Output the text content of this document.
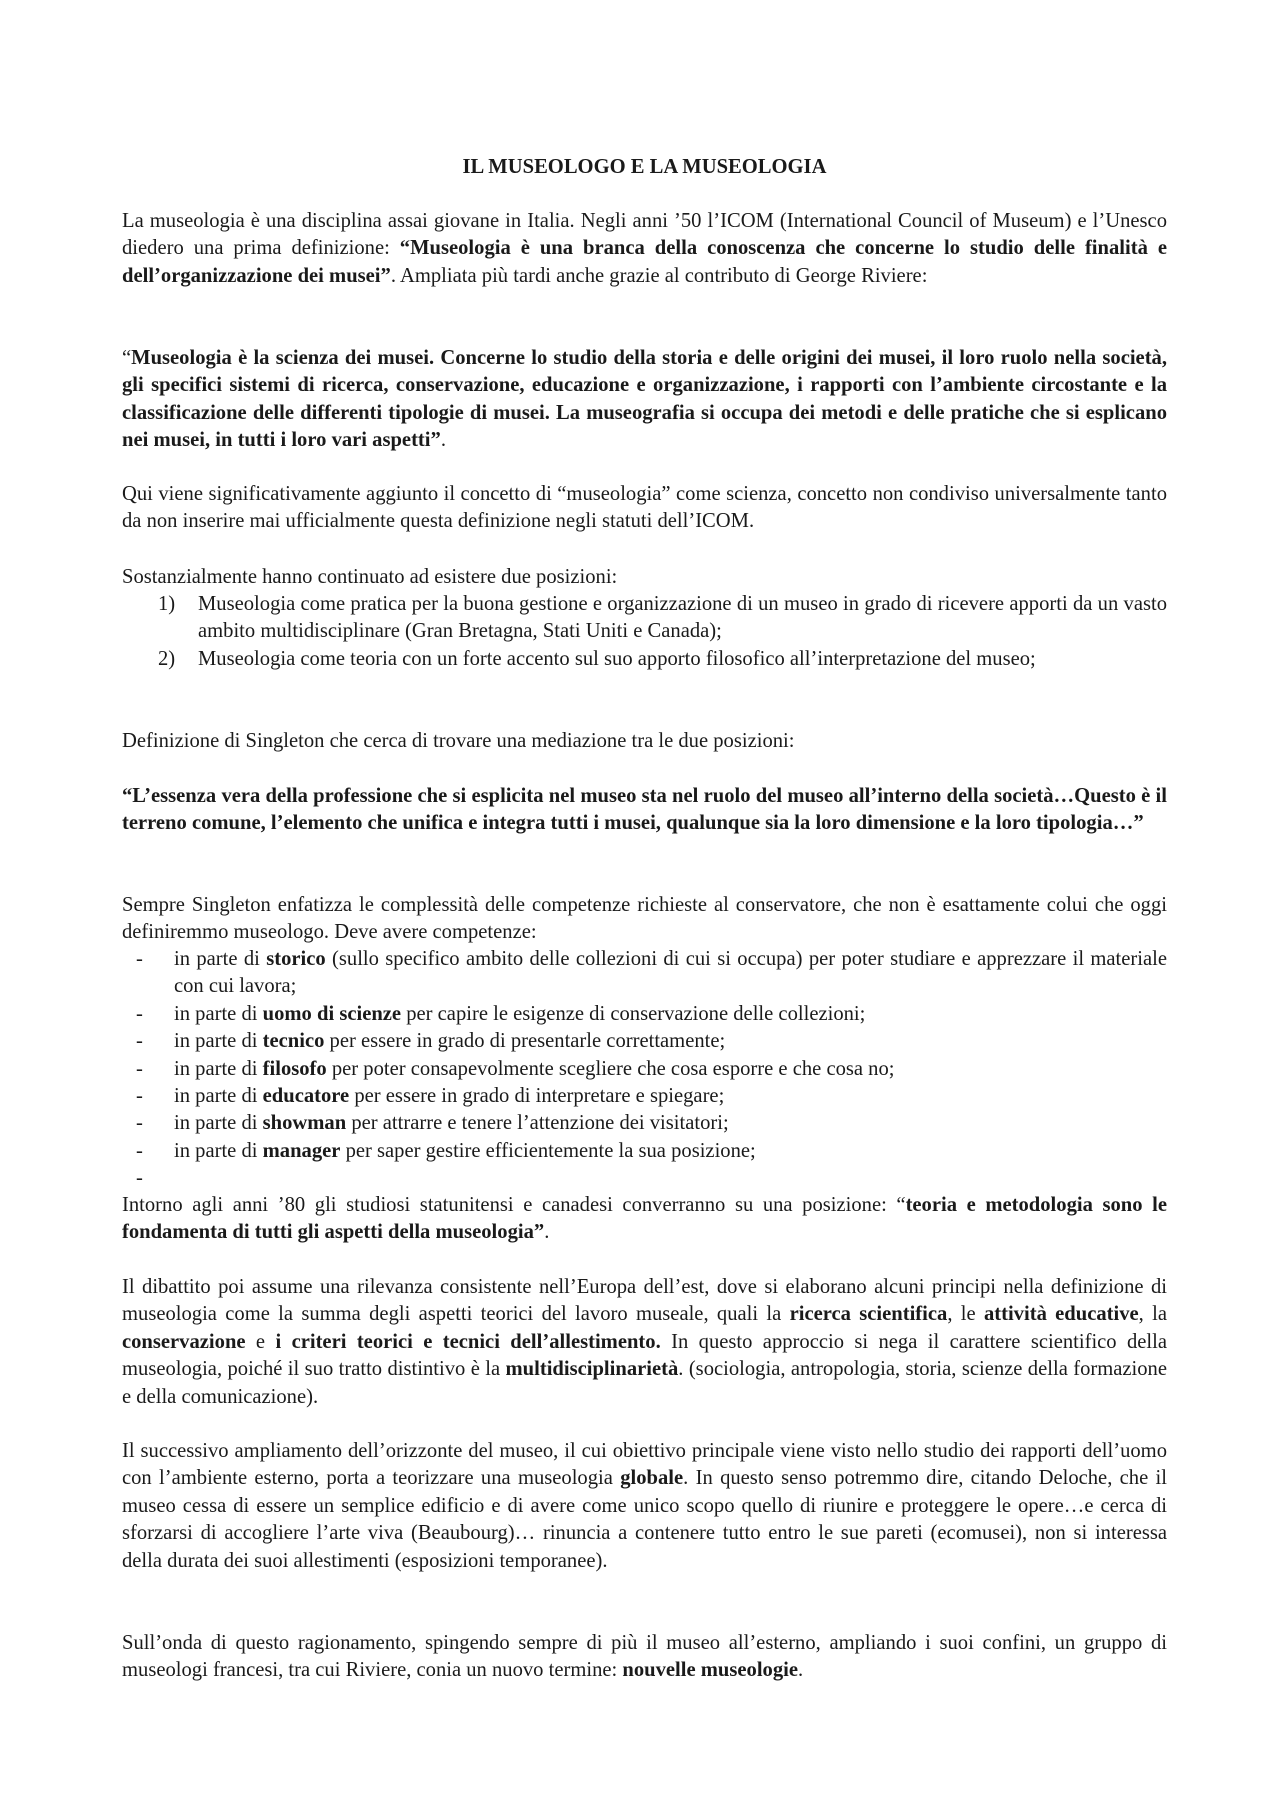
IL MUSEOLOGO E LA MUSEOLOGIA

La museologia è una disciplina assai giovane in Italia. Negli anni ’50 l’ICOM (International Council of Museum) e l’Unesco diedero una prima definizione: “Museologia è una branca della conoscenza che concerne lo studio delle finalità e dell’organizzazione dei musei”. Ampliata più tardi anche grazie al contributo di George Riviere:

“Museologia è la scienza dei musei. Concerne lo studio della storia e delle origini dei musei, il loro ruolo nella società, gli specifici sistemi di ricerca, conservazione, educazione e organizzazione, i rapporti con l’ambiente circostante e la classificazione delle differenti tipologie di musei. La museografia si occupa dei metodi e delle pratiche che si esplicano nei musei, in tutti i loro vari aspetti”.

Qui viene significativamente aggiunto il concetto di “museologia” come scienza, concetto non condiviso universalmente tanto da non inserire mai ufficialmente questa definizione negli statuti dell’ICOM.

Sostanzialmente hanno continuato ad esistere due posizioni:

1) Museologia come pratica per la buona gestione e organizzazione di un museo in grado di ricevere apporti da un vasto ambito multidisciplinare (Gran Bretagna, Stati Uniti e Canada);
2) Museologia come teoria con un forte accento sul suo apporto filosofico all’interpretazione del museo;

Definizione di Singleton che cerca di trovare una mediazione tra le due posizioni:

“L’essenza vera della professione che si esplicita nel museo sta nel ruolo del museo all’interno della società…Questo è il terreno comune, l’elemento che unifica e integra tutti i musei, qualunque sia la loro dimensione e la loro tipologia…”

Sempre Singleton enfatizza le complessità delle competenze richieste al conservatore, che non è esattamente colui che oggi definiremmo museologo. Deve avere competenze:

- in parte di storico (sullo specifico ambito delle collezioni di cui si occupa) per poter studiare e apprezzare il materiale con cui lavora;
- in parte di uomo di scienze per capire le esigenze di conservazione delle collezioni;
- in parte di tecnico per essere in grado di presentarle correttamente;
- in parte di filosofo per poter consapevolmente scegliere che cosa esporre e che cosa no;
- in parte di educatore per essere in grado di interpretare e spiegare;
- in parte di showman per attrarre e tenere l’attenzione dei visitatori;
- in parte di manager per saper gestire efficientemente la sua posizione;
-

Intorno agli anni ’80 gli studiosi statunitensi e canadesi converranno su una posizione: “teoria e metodologia sono le fondamenta di tutti gli aspetti della museologia”.

Il dibattito poi assume una rilevanza consistente nell’Europa dell’est, dove si elaborano alcuni principi nella definizione di museologia come la summa degli aspetti teorici del lavoro museale, quali la ricerca scientifica, le attività educative, la conservazione e i criteri teorici e tecnici dell’allestimento. In questo approccio si nega il carattere scientifico della museologia, poiché il suo tratto distintivo è la multidisciplinarietà. (sociologia, antropologia, storia, scienze della formazione e della comunicazione).

Il successivo ampliamento dell’orizzonte del museo, il cui obiettivo principale viene visto nello studio dei rapporti dell’uomo con l’ambiente esterno, porta a teorizzare una museologia globale. In questo senso potremmo dire, citando Deloche, che il museo cessa di essere un semplice edificio e di avere come unico scopo quello di riunire e proteggere le opere…e cerca di sforzarsi di accogliere l’arte viva (Beaubourg)… rinuncia a contenere tutto entro le sue pareti (ecomusei), non si interessa della durata dei suoi allestimenti (esposizioni temporanee).

Sull’onda di questo ragionamento, spingendo sempre di più il museo all’esterno, ampliando i suoi confini, un gruppo di museologi francesi, tra cui Riviere, conia un nuovo termine: nouvelle museologie.
